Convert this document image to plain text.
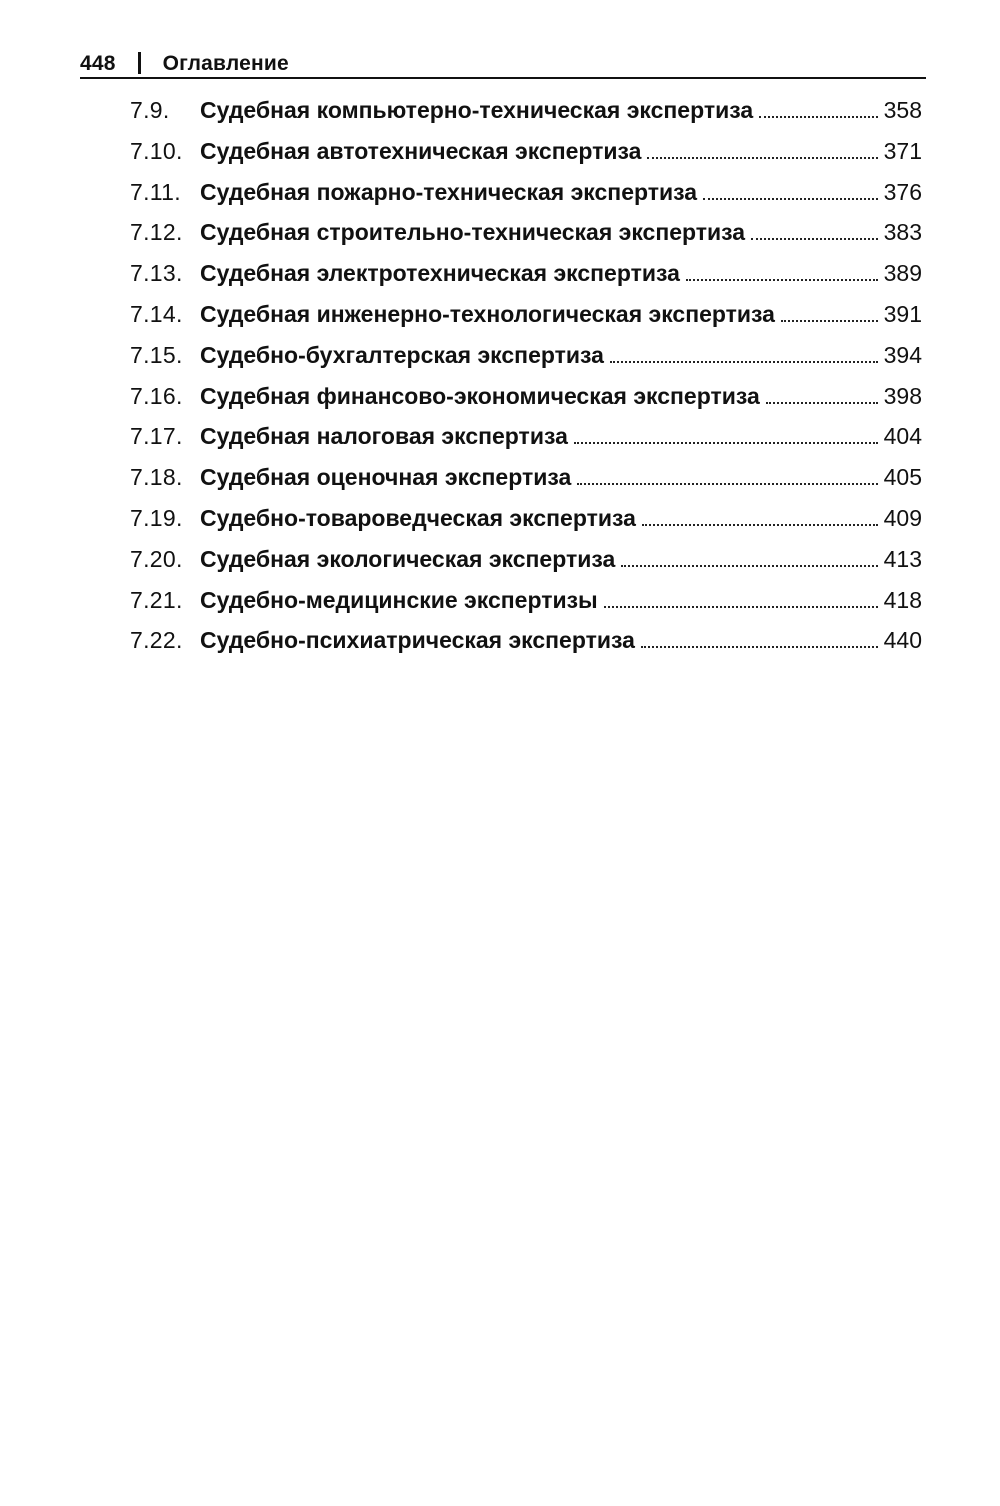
448 Оглавление
7.9.	Судебная компьютерно-техническая экспертиза	358
7.10. Судебная автотехническая экспертиза	371
7.11. Судебная пожарно-техническая экспертиза	376
7.12. Судебная строительно-техническая экспертиза	383
7.13. Судебная электротехническая экспертиза	389
7.14. Судебная инженерно-технологическая экспертиза	391
7.15. Судебно-бухгалтерская экспертиза	394
7.16. Судебная финансово-экономическая экспертиза	398
7.17. Судебная налоговая экспертиза	404
7.18. Судебная оценочная экспертиза	405
7.19. Судебно-товароведческая экспертиза	409
7.20. Судебная экологическая экспертиза	413
7.21. Судебно-медицинские экспертизы	418
7.22. Судебно-психиатрическая экспертиза	440
